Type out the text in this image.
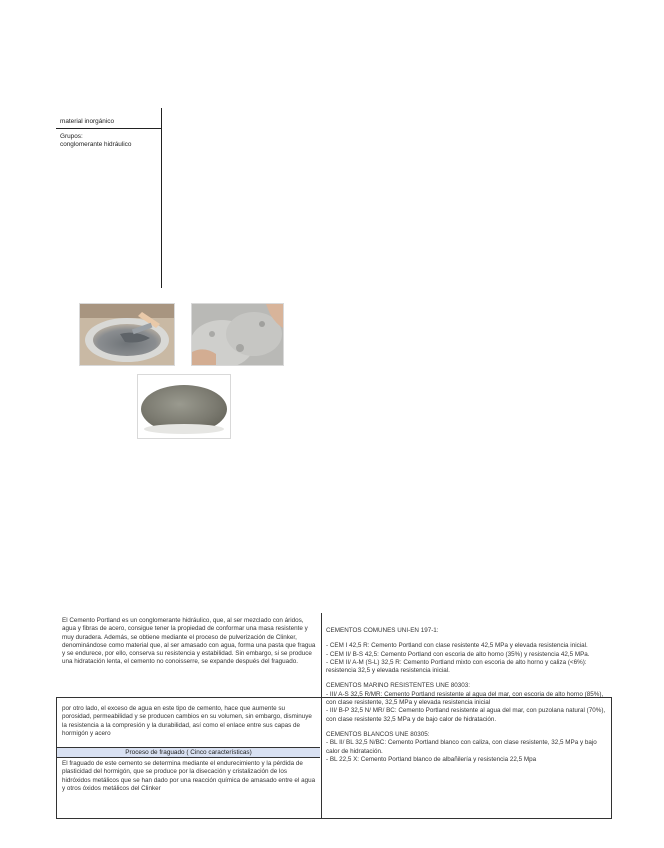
material inorgánico
Grupos:
conglomerante hidráulico
El Cemento Portland es un conglomerante hidráulico, que, al ser mezclado con áridos, agua y fibras de acero, consigue tener la propiedad de conformar una masa resistente y muy duradera. Además, se obtiene mediante el proceso de pulverización de Clinker, denominándose como material que, al ser amasado con agua, forma una pasta que fragua y se endurece, por ello, conserva su resistencia y estabilidad. Sin embargo, si se produce una hidratación lenta, el cemento no conoisserre, se expande después del fraguado.
por otro lado, el exceso de agua en este tipo de cemento, hace que aumente su porosidad, permeabilidad y se producen cambios en su volumen, sin embargo, disminuye la resistencia a la compresión y la durabilidad, así como el enlace entre sus capas de hormigón y acero
Proceso de fraguado ( Cinco características)
El fraguado de este cemento se determina mediante el endurecimiento y la pérdida de plasticidad del hormigón, que se produce por la disecación y cristalización de los hidróxidos metálicos que se han dado por una reacción química de amasado entre el agua y otros óxidos metálicos del Clinker

CEMENTOS COMUNES UNI-EN 197-1:

- CEM I 42,5 R: Cemento Portland con clase resistente 42,5 MPa y elevada resistencia inicial.

- CEM II/ B-S 42,5: Cemento Portland con escoria de alto horno (35%) y resistencia 42,5 MPa.

- CEM II/ A-M (S-L) 32,5 R: Cemento Portland mixto con escoria de alto horno y caliza (<6%): resistencia 32,5 y elevada resistencia inicial.

CEMENTOS MARINO RESISTENTES UNE 80303:

- III/ A-S 32,5 R/MR: Cemento Portland resistente al agua del mar, con escoria de alto horno (85%), con clase resistente, 32,5 MPa y elevada resistencia inicial

- III/ B-P 32,5 N/ MR/ BC: Cemento Portland resistente al agua del mar, con puzolana natural (70%), con clase resistente 32,5 MPa y de bajo calor de hidratación.

CEMENTOS BLANCOS UNE 80305:

- BL II/ BL 32,5 N/BC: Cemento Portland blanco con caliza, con clase resistente, 32,5 MPa y bajo calor de hidratación.

- BL 22,5 X: Cemento Portland blanco de albañilería y resistencia 22,5 Mpa
